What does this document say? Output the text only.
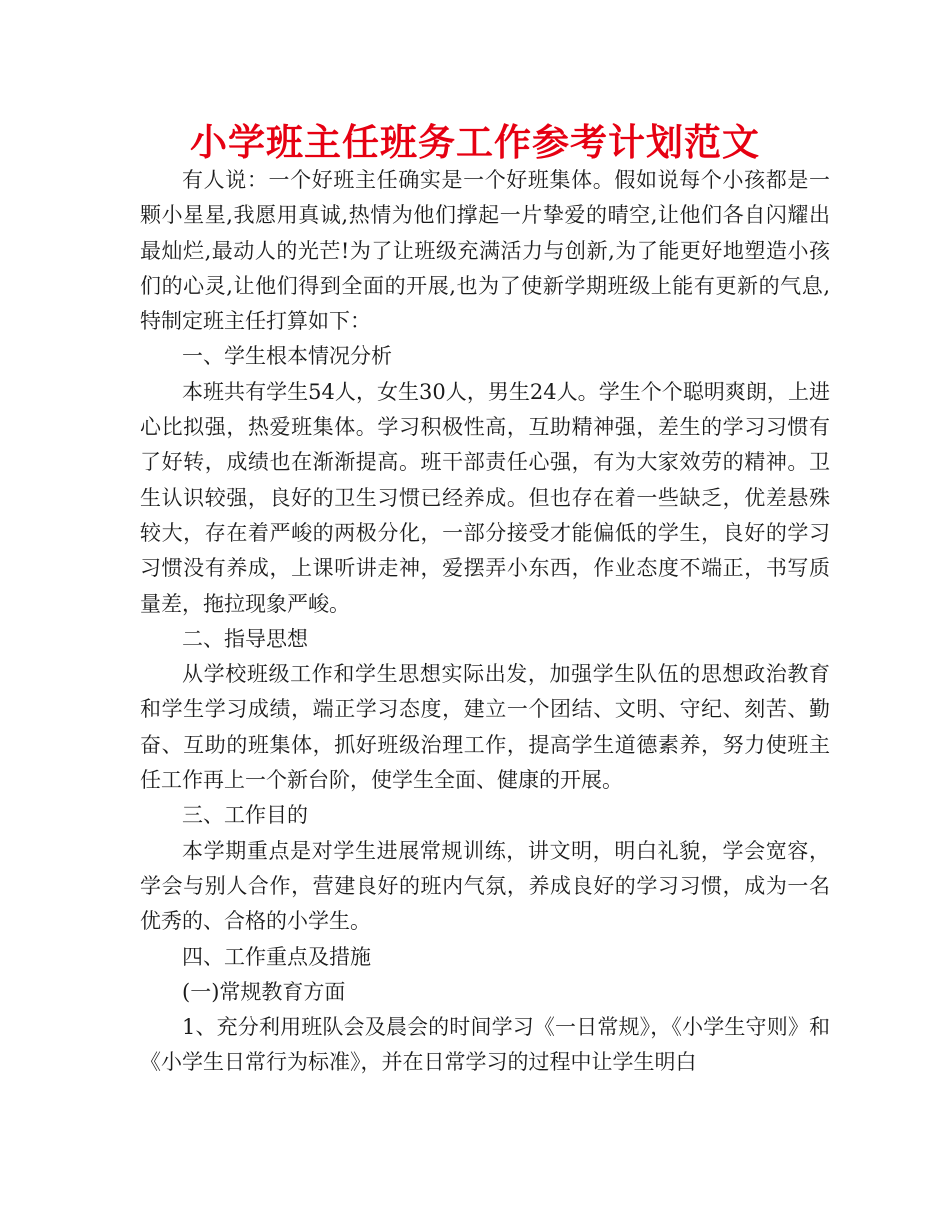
小学班主任班务工作参考计划范文

有人说：一个好班主任确实是一个好班集体。假如说每个小孩都是一颗小星星,我愿用真诚,热情为他们撑起一片挚爱的晴空,让他们各自闪耀出最灿烂,最动人的光芒!为了让班级充满活力与创新,为了能更好地塑造小孩们的心灵,让他们得到全面的开展,也为了使新学期班级上能有更新的气息,特制定班主任打算如下：

一、学生根本情况分析

本班共有学生54人，女生30人，男生24人。学生个个聪明爽朗，上进心比拟强，热爱班集体。学习积极性高，互助精神强，差生的学习习惯有了好转，成绩也在渐渐提高。班干部责任心强，有为大家效劳的精神。卫生认识较强，良好的卫生习惯已经养成。但也存在着一些缺乏，优差悬殊较大，存在着严峻的两极分化，一部分接受才能偏低的学生，良好的学习习惯没有养成，上课听讲走神，爱摆弄小东西，作业态度不端正，书写质量差，拖拉现象严峻。

二、指导思想

从学校班级工作和学生思想实际出发，加强学生队伍的思想政治教育和学生学习成绩，端正学习态度，建立一个团结、文明、守纪、刻苦、勤奋、互助的班集体，抓好班级治理工作，提高学生道德素养，努力使班主任工作再上一个新台阶，使学生全面、健康的开展。

三、工作目的

本学期重点是对学生进展常规训练，讲文明，明白礼貌，学会宽容，学会与别人合作，营建良好的班内气氛，养成良好的学习习惯，成为一名优秀的、合格的小学生。

四、工作重点及措施

(一)常规教育方面

1、充分利用班队会及晨会的时间学习《一日常规》，《小学生守则》和《小学生日常行为标准》，并在日常学习的过程中让学生明白
